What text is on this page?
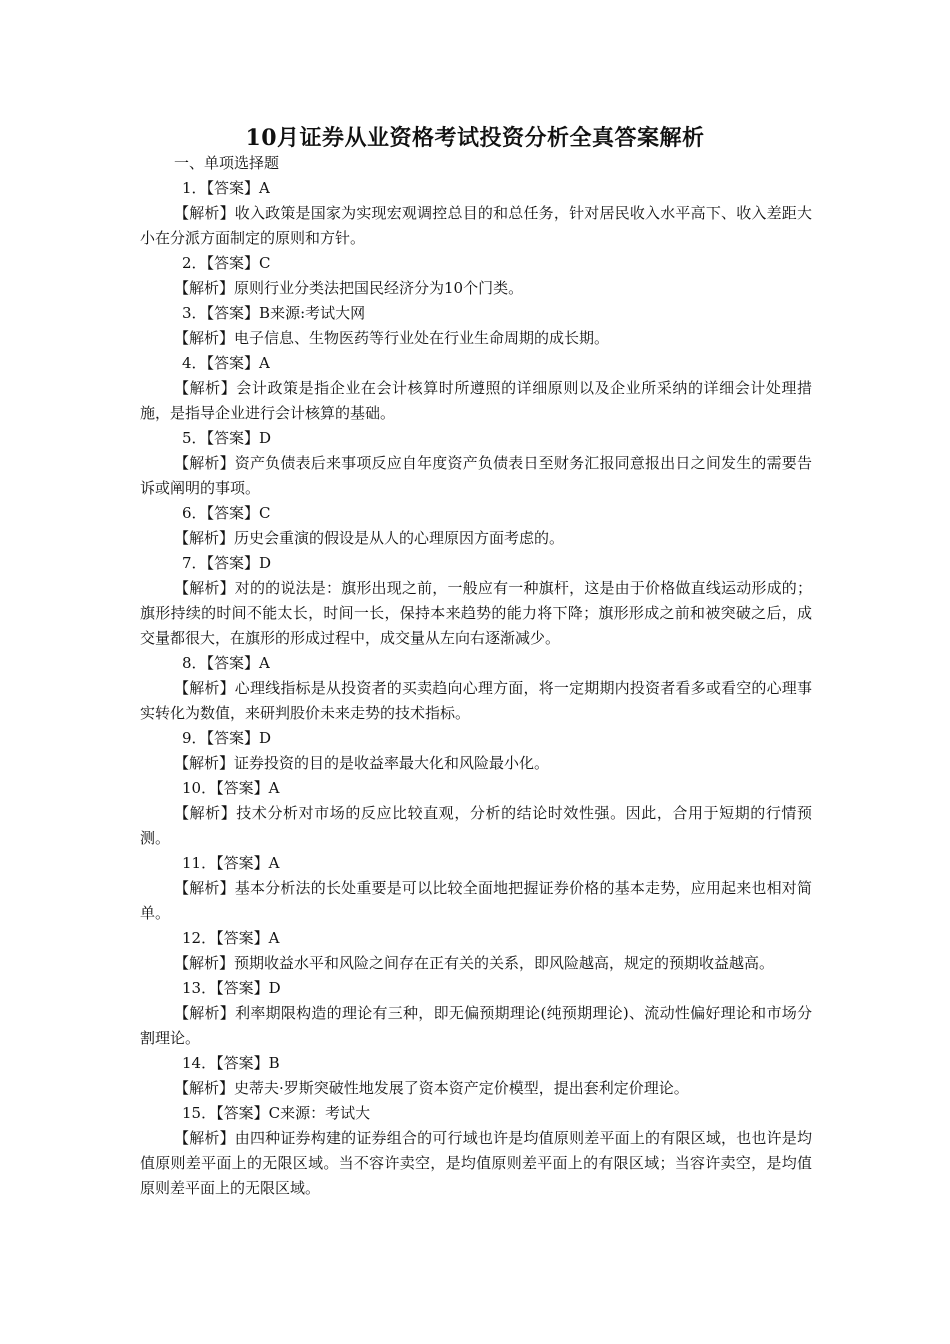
10月证券从业资格考试投资分析全真答案解析
一、单项选择题
1．【答案】A
【解析】收入政策是国家为实现宏观调控总目的和总任务，针对居民收入水平高下、收入差距大小在分派方面制定的原则和方针。
2．【答案】C
【解析】原则行业分类法把国民经济分为10个门类。
3．【答案】B来源:考试大网
【解析】电子信息、生物医药等行业处在行业生命周期的成长期。
4．【答案】A
【解析】会计政策是指企业在会计核算时所遵照的详细原则以及企业所采纳的详细会计处理措施，是指导企业进行会计核算的基础。
5．【答案】D
【解析】资产负债表后来事项反应自年度资产负债表日至财务汇报同意报出日之间发生的需要告诉或阐明的事项。
6．【答案】C
【解析】历史会重演的假设是从人的心理原因方面考虑的。
7．【答案】D
【解析】对的的说法是：旗形出现之前，一般应有一种旗杆，这是由于价格做直线运动形成的；旗形持续的时间不能太长，时间一长，保持本来趋势的能力将下降；旗形形成之前和被突破之后，成交量都很大，在旗形的形成过程中，成交量从左向右逐渐减少。
8．【答案】A
【解析】心理线指标是从投资者的买卖趋向心理方面，将一定期期内投资者看多或看空的心理事实转化为数值，来研判股价未来走势的技术指标。
9．【答案】D
【解析】证券投资的目的是收益率最大化和风险最小化。
10．【答案】A
【解析】技术分析对市场的反应比较直观，分析的结论时效性强。因此，合用于短期的行情预测。
11．【答案】A
【解析】基本分析法的长处重要是可以比较全面地把握证券价格的基本走势，应用起来也相对简单。
12．【答案】A
【解析】预期收益水平和风险之间存在正有关的关系，即风险越高，规定的预期收益越高。
13．【答案】D
【解析】利率期限构造的理论有三种，即无偏预期理论(纯预期理论)、流动性偏好理论和市场分割理论。
14．【答案】B
【解析】史蒂夫·罗斯突破性地发展了资本资产定价模型，提出套利定价理论。
15．【答案】C来源：考试大
【解析】由四种证券构建的证券组合的可行域也许是均值原则差平面上的有限区域，也也许是均值原则差平面上的无限区域。当不容许卖空，是均值原则差平面上的有限区域；当容许卖空，是均值原则差平面上的无限区域。
